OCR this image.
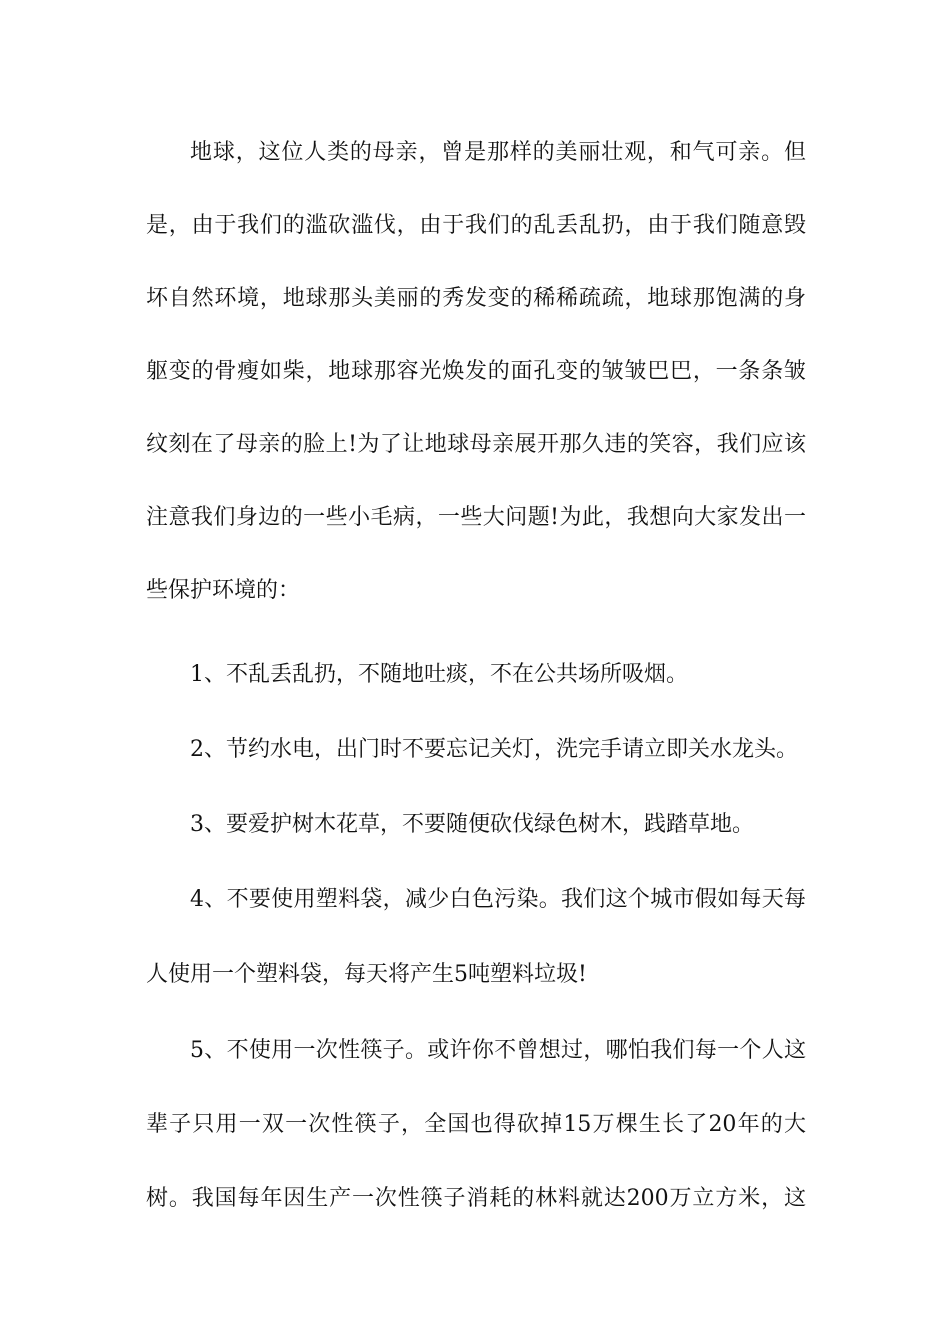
地球，这位人类的母亲，曾是那样的美丽壮观，和气可亲。但
是，由于我们的滥砍滥伐，由于我们的乱丢乱扔，由于我们随意毁
坏自然环境，地球那头美丽的秀发变的稀稀疏疏，地球那饱满的身
躯变的骨瘦如柴，地球那容光焕发的面孔变的皱皱巴巴，一条条皱
纹刻在了母亲的脸上!为了让地球母亲展开那久违的笑容，我们应该
注意我们身边的一些小毛病，一些大问题!为此，我想向大家发出一
些保护环境的：
1、不乱丢乱扔，不随地吐痰，不在公共场所吸烟。
2、节约水电，出门时不要忘记关灯，洗完手请立即关水龙头。
3、要爱护树木花草，不要随便砍伐绿色树木，践踏草地。
4、不要使用塑料袋，减少白色污染。我们这个城市假如每天每
人使用一个塑料袋，每天将产生5吨塑料垃圾!
5、不使用一次性筷子。或许你不曾想过，哪怕我们每一个人这
辈子只用一双一次性筷子，全国也得砍掉15万棵生长了20年的大
树。我国每年因生产一次性筷子消耗的林料就达200万立方米，这
